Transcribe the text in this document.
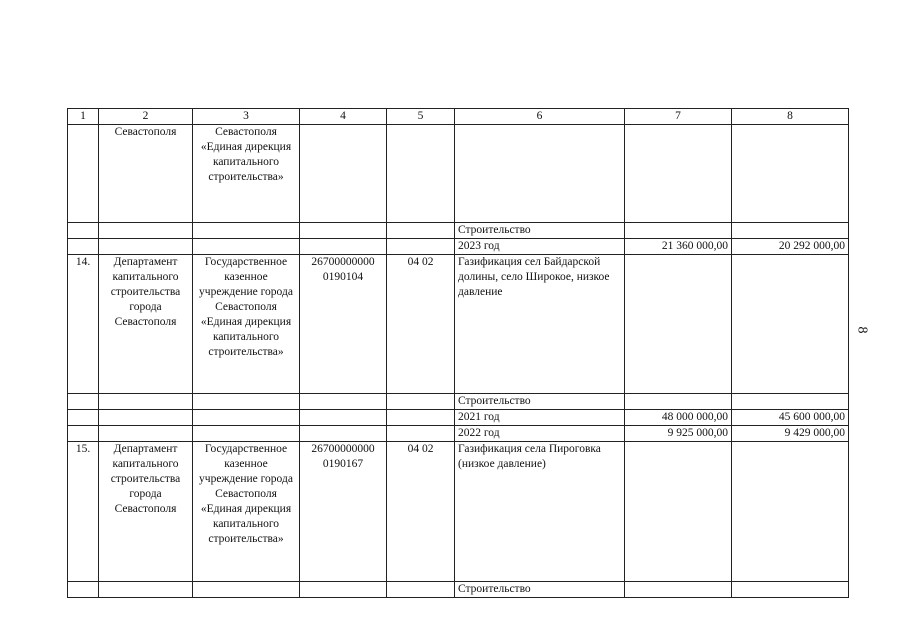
1	2	3	4	5	6	7	8
	Севастополя	Севастополя «Единая дирекция капитального строительства»					
					Строительство		
					2023 год	21 360 000,00	20 292 000,00
14.	Департамент капитального строительства города Севастополя	Государственное казенное учреждение города Севастополя «Единая дирекция капитального строительства»	26700000000 0190104	04 02	Газификация сел Байдарской долины, село Широкое, низкое давление		
					Строительство		
					2021 год	48 000 000,00	45 600 000,00
					2022 год	9 925 000,00	9 429 000,00
15.	Департамент капитального строительства города Севастополя	Государственное казенное учреждение города Севастополя «Единая дирекция капитального строительства»	26700000000 0190167	04 02	Газификация села Пироговка (низкое давление)		
					Строительство		
8
